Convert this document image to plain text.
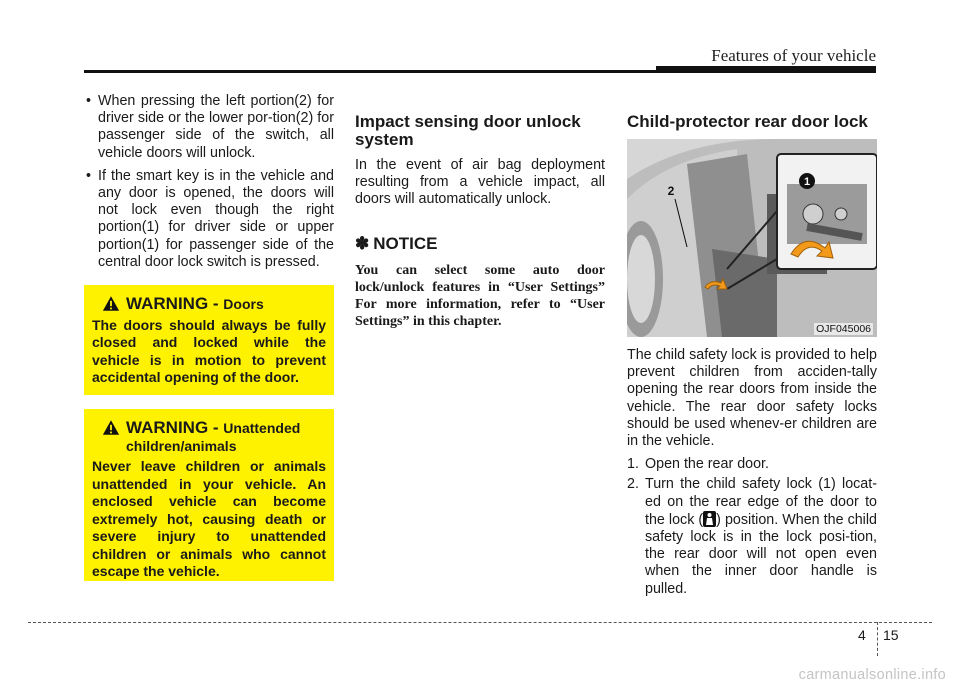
Features of your vehicle
• When pressing the left portion(2) for driver side or the lower por-tion(2) for passenger side of the switch, all vehicle doors will unlock.
• If the smart key is in the vehicle and any door is opened, the doors will not lock even though the right portion(1) for driver side or upper portion(1) for passenger side of the central door lock switch is pressed.
WARNING - Doors
The doors should always be fully closed and locked while the vehicle is in motion to prevent accidental opening of the door.
WARNING - Unattended children/animals
Never leave children or animals unattended in your vehicle. An enclosed vehicle can become extremely hot, causing death or severe injury to unattended children or animals who cannot escape the vehicle.
Impact sensing door unlock system

In the event of air bag deployment resulting from a vehicle impact, all doors will automatically unlock.

✽ NOTICE
You can select some auto door lock/unlock features in “User Settings” For more information, refer to “User Settings” in this chapter.
Child-protector rear door lock
1
2
OJF045006

The child safety lock is provided to help prevent children from acciden-tally opening the rear doors from inside the vehicle. The rear door safety locks should be used whenev-er children are in the vehicle.

1. Open the rear door.
2. Turn the child safety lock (1) locat-ed on the rear edge of the door to the lock ( ) position. When the child safety lock is in the lock posi-tion, the rear door will not open even when the inner door handle is pulled.
4 15
carmanualsonline.info
